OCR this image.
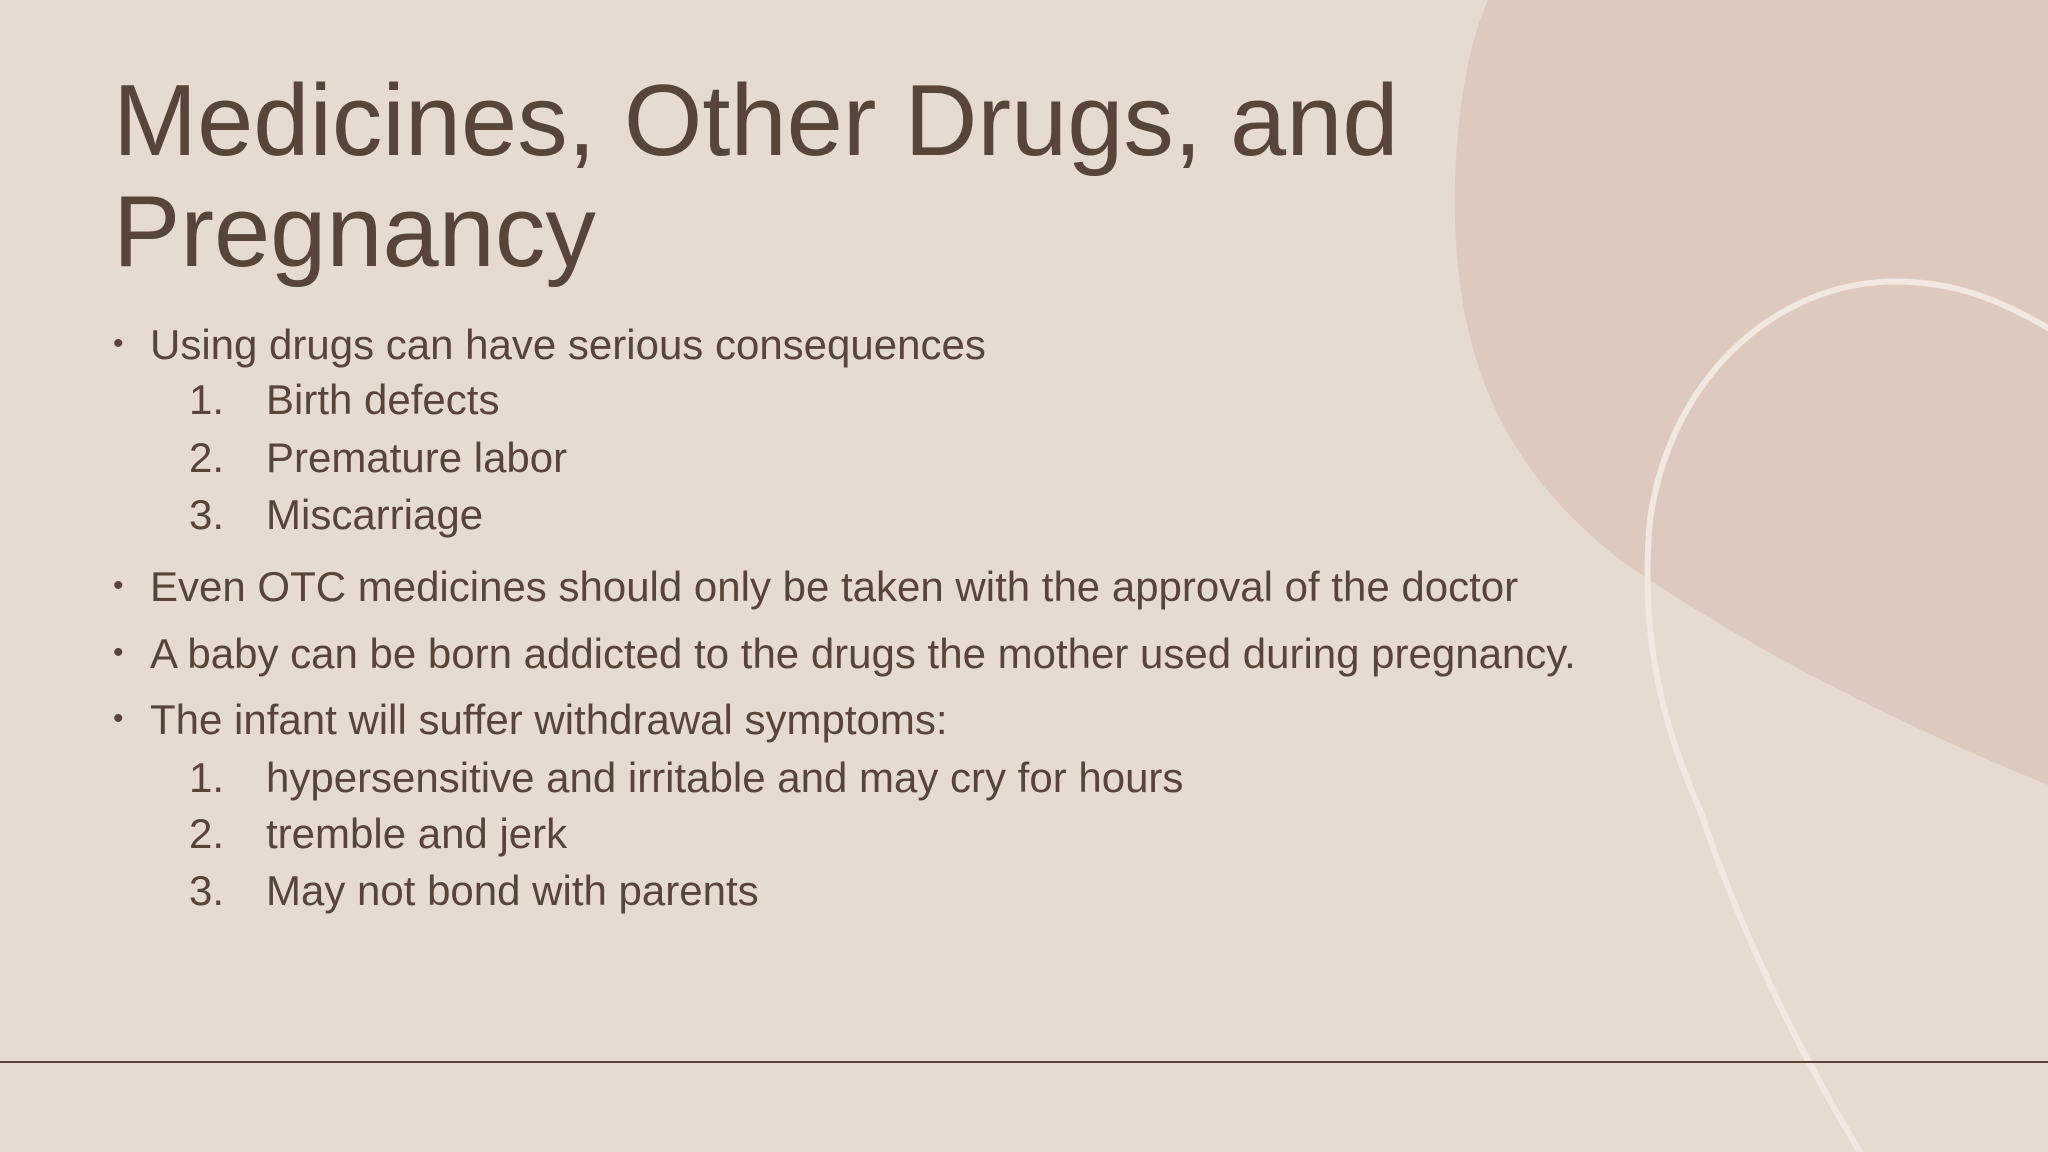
Medicines, Other Drugs, and Pregnancy
• Using drugs can have serious consequences
1. Birth defects
2. Premature labor
3. Miscarriage
• Even OTC medicines should only be taken with the approval of the doctor
• A baby can be born addicted to the drugs the mother used during pregnancy.
• The infant will suffer withdrawal symptoms:
1. hypersensitive and irritable and may cry for hours
2. tremble and jerk
3. May not bond with parents
